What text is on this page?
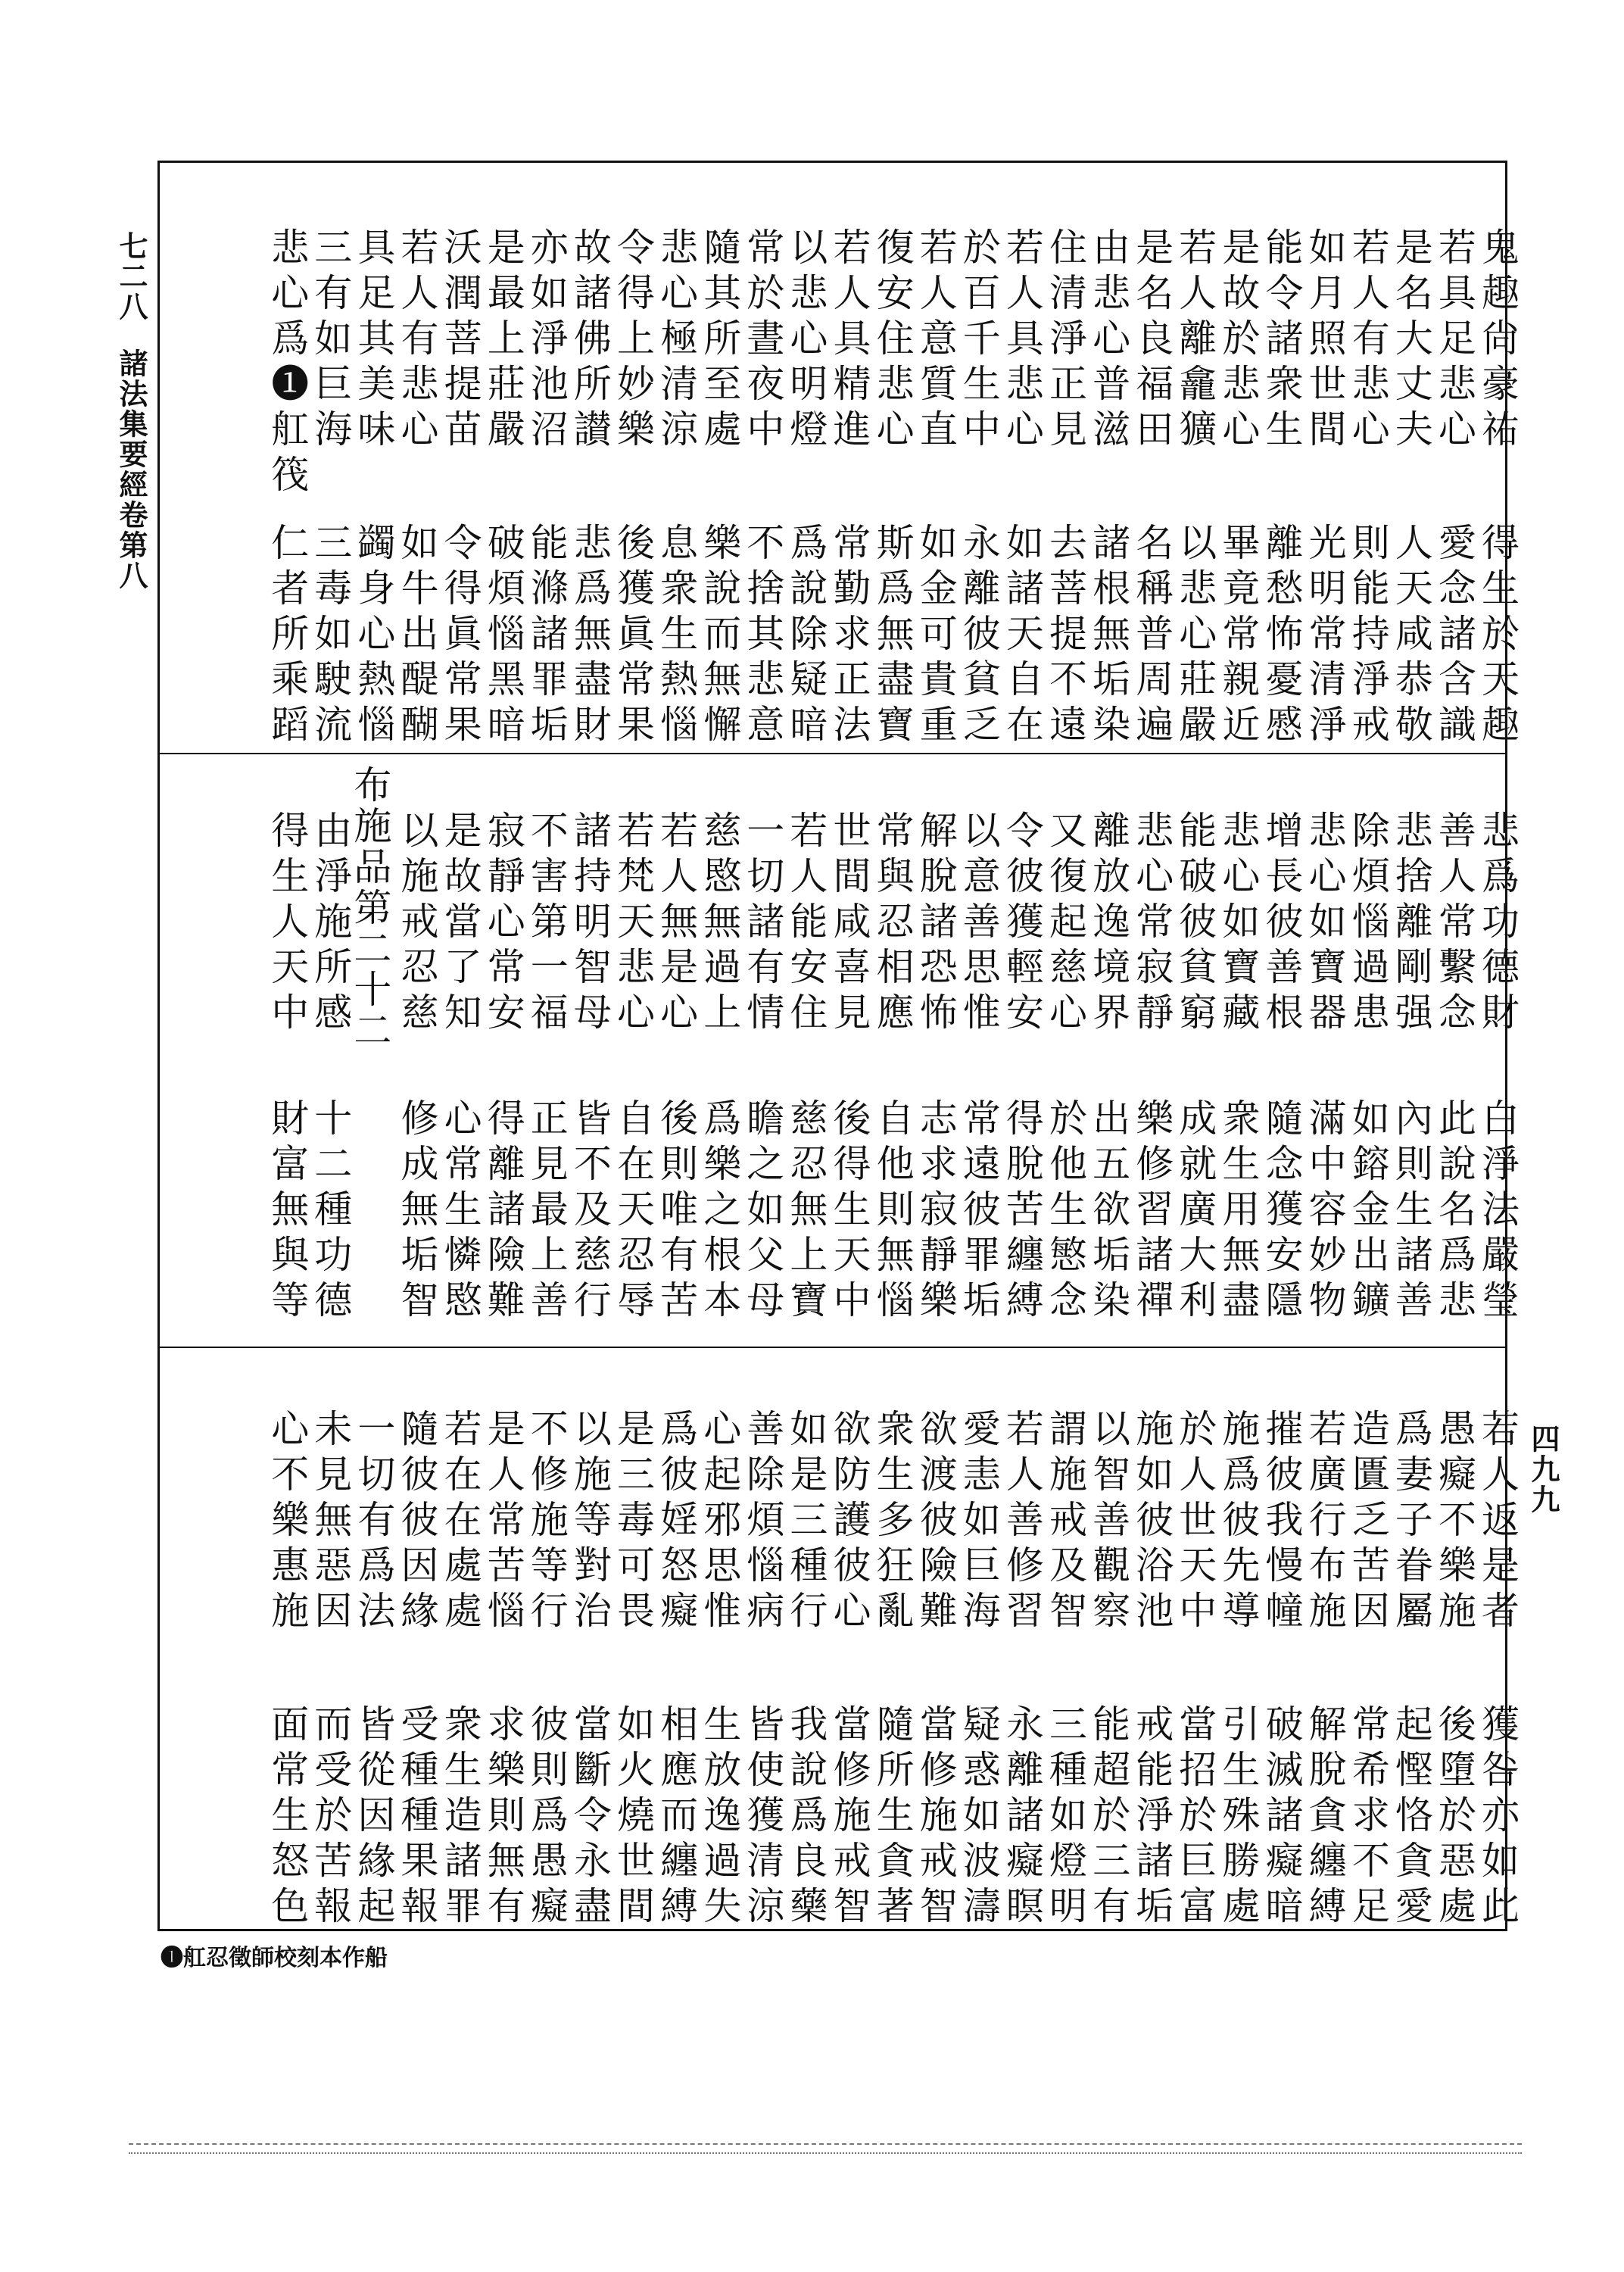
七二八
諸法集要經卷第八
四九九
鬼趣尙豪祐
得生於天趣
若具足悲心
愛念諸含識
是名大丈夫
人天咸恭敬
若人有悲心
則能持淨戒
如月照世間
光明常清淨
能令諸衆生
離愁怖憂慼
是故於悲心
畢竟常親近
若人離龕獷
以悲心莊嚴
是名良福田
名稱普周遍
由悲心普滋
諸根無垢染
住清淨正見
去菩提不遠
若人具悲心
如諸天自在
於百千生中
永離彼貧乏
若人意質直
如金可貴重
復安住悲心
斯爲無盡寶
若人具精進
常勤求正法
以悲心明燈
爲說除疑暗
常於晝夜中
不捨其悲意
隨其所至處
樂說而無懈
悲心極清涼
息衆生熱惱
令得上妙樂
後獲眞常果
故諸佛所讃
悲爲無盡財
亦如淨池沼
能滌諸罪垢
是最上莊嚴
破煩惱黑暗
沃潤菩提苗
令得眞常果
若人有悲心
如牛出醍醐
具足其美味
蠲身心熱惱
三有如巨海
三毒如駛流
悲心爲❶舡筏
仁者所乘蹈
悲爲功德財
白淨法嚴瑩
善人常繫念
此說名爲悲
悲捨離剛强
內則生諸善
除煩惱過患
如鎔金出鑛
悲心如寶器
滿中容妙物
增長彼善根
隨念獲安隱
悲心如寶藏
衆生用無盡
能破彼貧窮
成就廣大利
悲心常寂靜
樂修習諸禪
離放逸境界
出五欲垢染
又復起慈心
於他生慜念
令彼獲輕安
得脫苦纏縛
以意善思惟
常遠彼罪垢
解脫諸恐怖
志求寂靜樂
常與忍相應
自他則無惱
世間咸喜見
後得生天中
若人能安住
慈忍無上寶
一切諸有情
瞻之如父母
慈愍無過上
爲樂之根本
若人無是心
後則唯有苦
若梵天悲心
自在天忍辱
諸持明智母
皆不及慈行
不害第一福
正見最上善
寂靜心常安
得離諸險難
是故當了知
心常生憐愍
以施戒忍慈
修成無垢智
布施品第二十二
由淨施所感
十二種功德
得生人天中
財富無與等
若人返是者
獲咎亦如此
愚癡不樂施
後墮於惡處
爲妻子眷屬
起慳恪貪愛
造匱乏苦因
常希求不足
若廣行布施
解脫貪纏縛
摧彼我慢幢
破滅諸癡暗
施爲彼先導
引生殊勝處
於人世天中
當招於巨富
施如彼浴池
戒能淨諸垢
以智善觀察
能超於三有
謂施戒及智
三種如燈明
若人善修習
永離諸癡瞑
愛恚如巨海
疑惑如波濤
欲渡彼險難
當修施戒智
衆生多狂亂
隨所生貪著
欲防護彼心
當修施戒智
如是三種行
我說爲良藥
善除煩惱病
皆使獲清涼
心起邪思惟
生放逸過失
爲彼婬怒癡
相應而纏縛
是三毒可畏
如火燒世間
以施等對治
當斷令永盡
不修施等行
彼則爲愚癡
是人常苦惱
求樂則無有
若在在處處
衆生造諸罪
隨彼彼因緣
受種種果報
一切有爲法
皆從因緣起
未見無惡因
而受於苦報
心不樂惠施
面常生怒色
❶舡忍徵師校刻本作船
